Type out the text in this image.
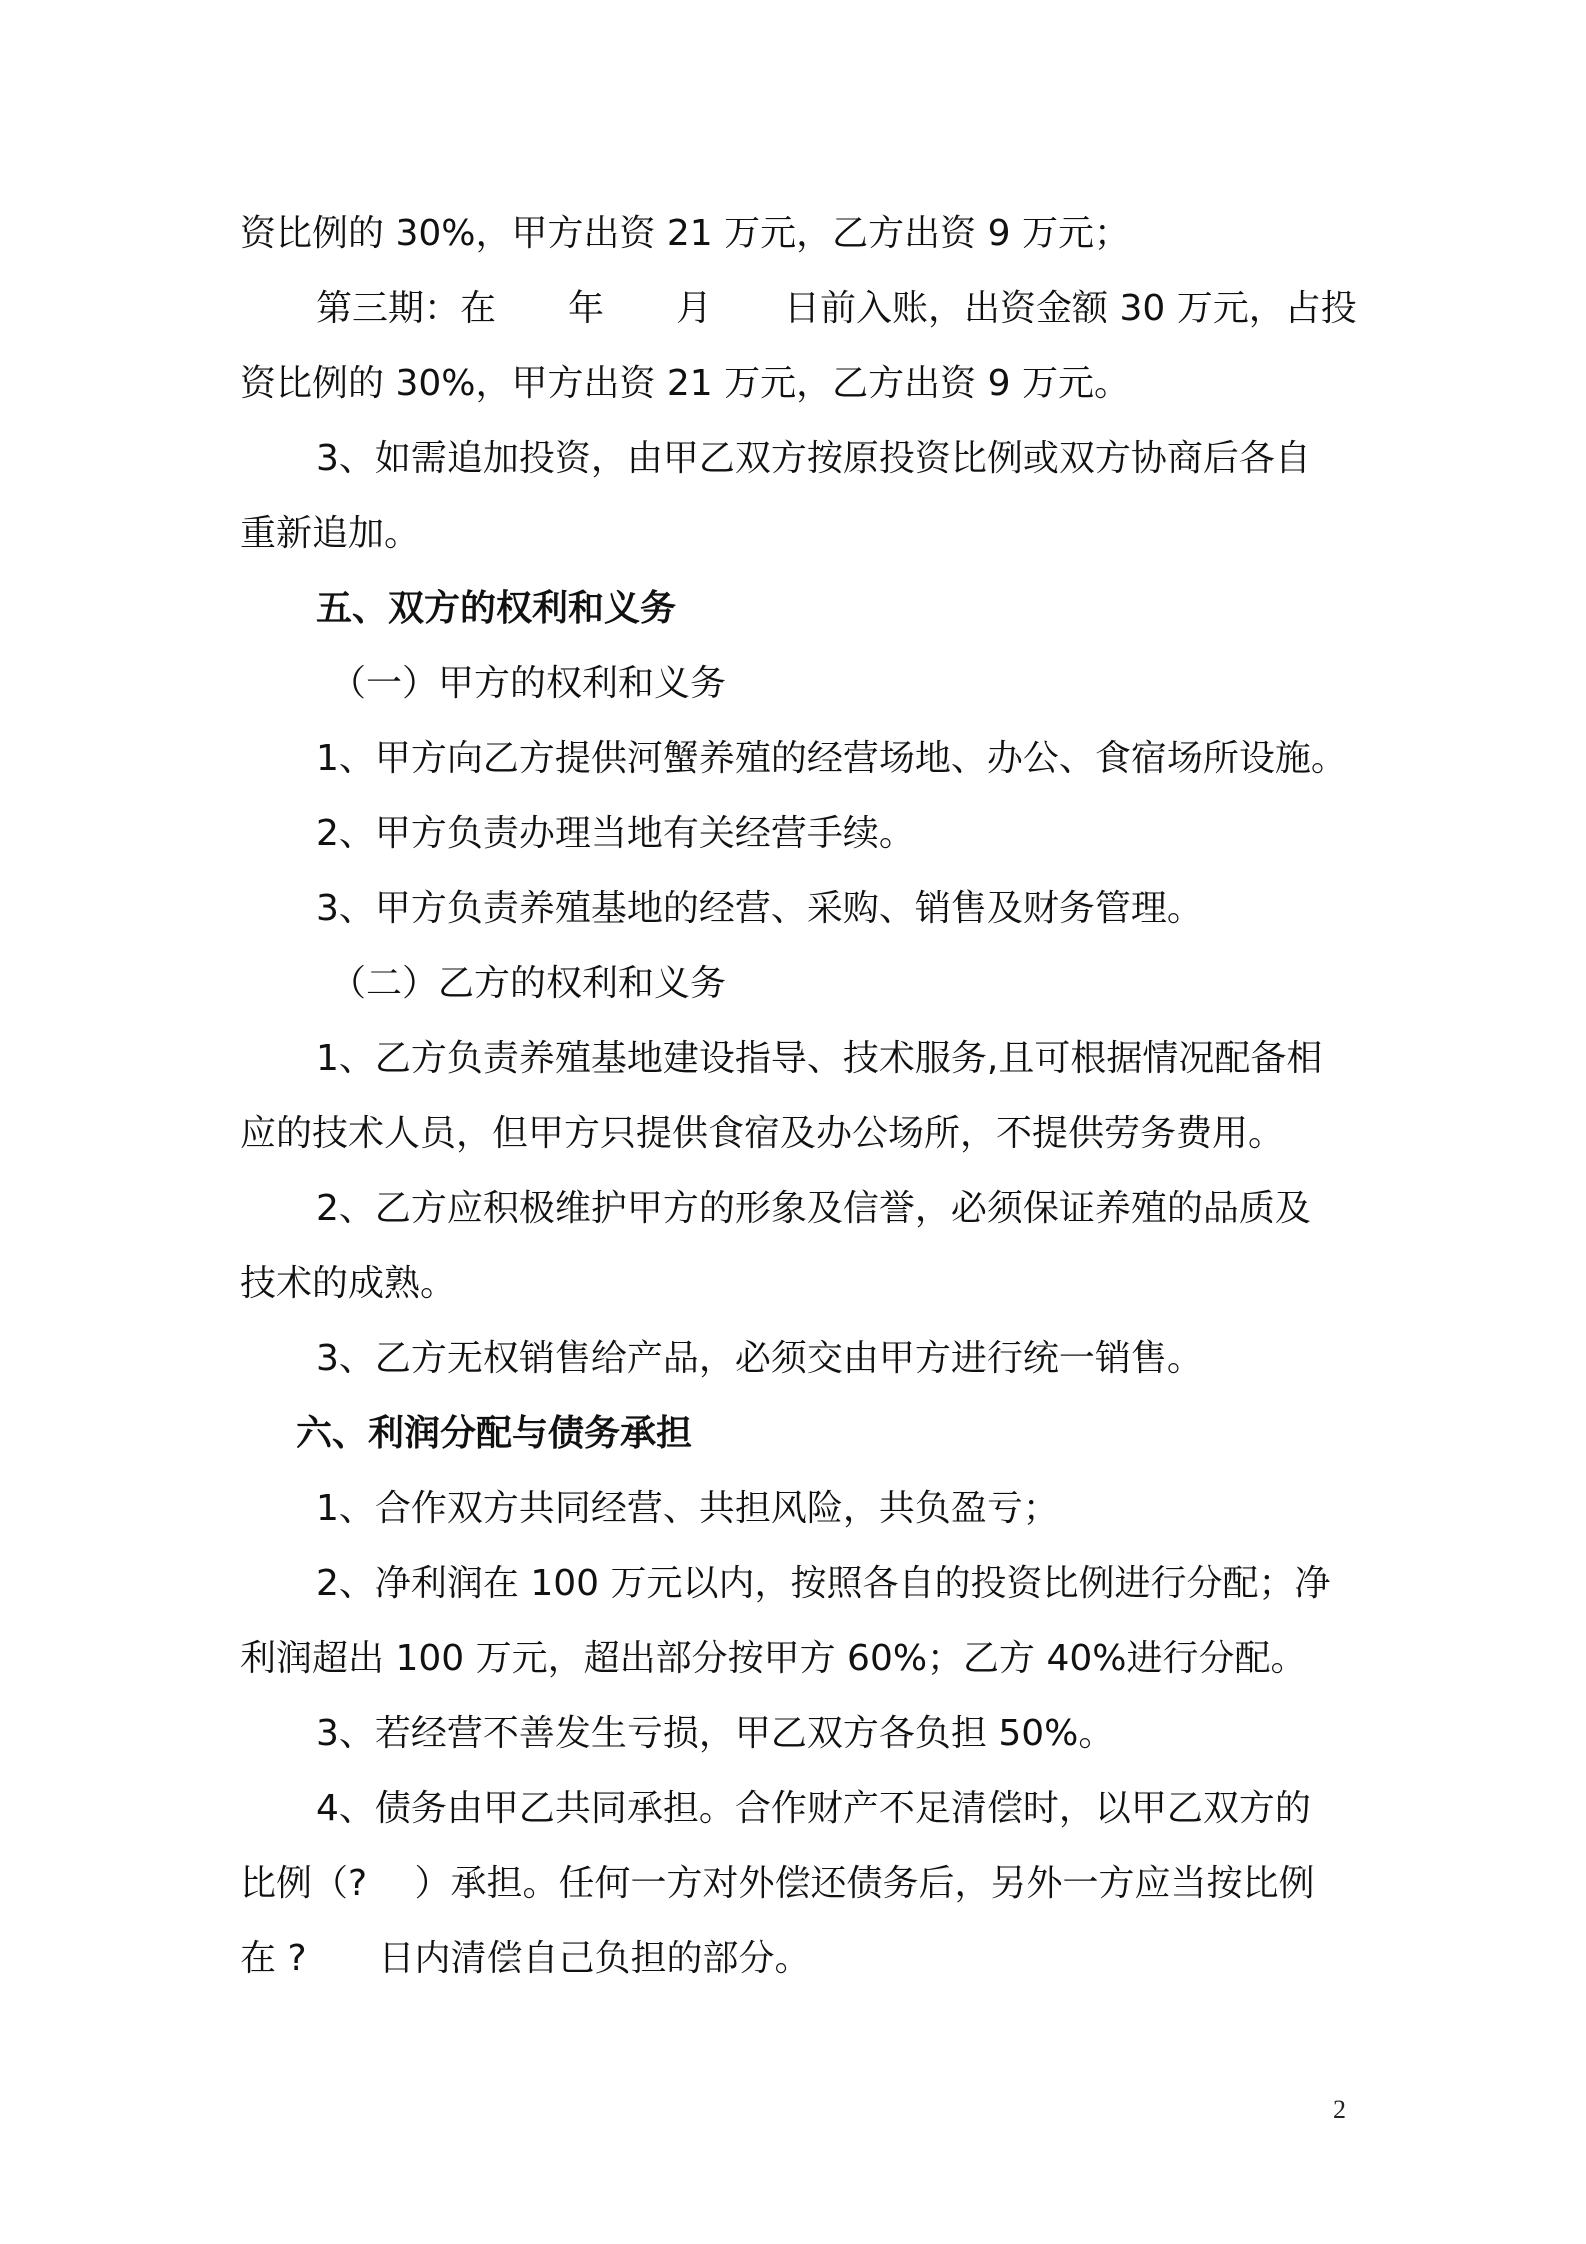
资比例的 30%，甲方出资 21 万元，乙方出资 9 万元；
第三期：在　　年　　月　　日前入账，出资金额 30 万元，占投
资比例的 30%，甲方出资 21 万元，乙方出资 9 万元。
3、如需追加投资，由甲乙双方按原投资比例或双方协商后各自
重新追加。
五、双方的权利和义务
（一）甲方的权利和义务
1、甲方向乙方提供河蟹养殖的经营场地、办公、食宿场所设施。
2、甲方负责办理当地有关经营手续。
3、甲方负责养殖基地的经营、采购、销售及财务管理。
（二）乙方的权利和义务
1、乙方负责养殖基地建设指导、技术服务,且可根据情况配备相
应的技术人员，但甲方只提供食宿及办公场所，不提供劳务费用。
2、乙方应积极维护甲方的形象及信誉，必须保证养殖的品质及
技术的成熟。
3、乙方无权销售给产品，必须交由甲方进行统一销售。
六、利润分配与债务承担
1、合作双方共同经营、共担风险，共负盈亏；
2、净利润在 100 万元以内，按照各自的投资比例进行分配；净
利润超出 100 万元，超出部分按甲方 60%；乙方 40%进行分配。
3、若经营不善发生亏损，甲乙双方各负担 50%。
4、债务由甲乙共同承担。合作财产不足清偿时，以甲乙双方的
比例（?　 ）承担。任何一方对外偿还债务后，另外一方应当按比例
在 ?　　日内清偿自己负担的部分。
2
